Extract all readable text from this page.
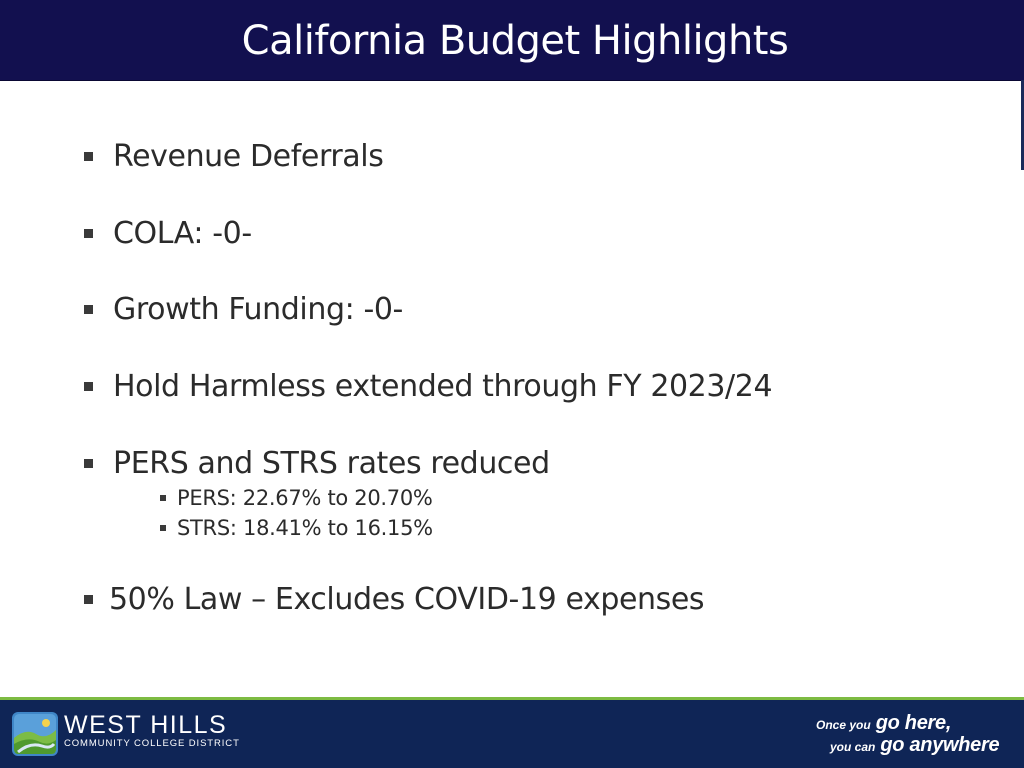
California Budget Highlights
Revenue Deferrals
COLA: -0-
Growth Funding: -0-
Hold Harmless extended through FY 2023/24
PERS and STRS rates reduced
PERS: 22.67% to 20.70%
STRS: 18.41% to 16.15%
50% Law – Excludes COVID-19 expenses
WEST HILLS
COMMUNITY COLLEGE DISTRICT
Once you go here,
you can go anywhere
